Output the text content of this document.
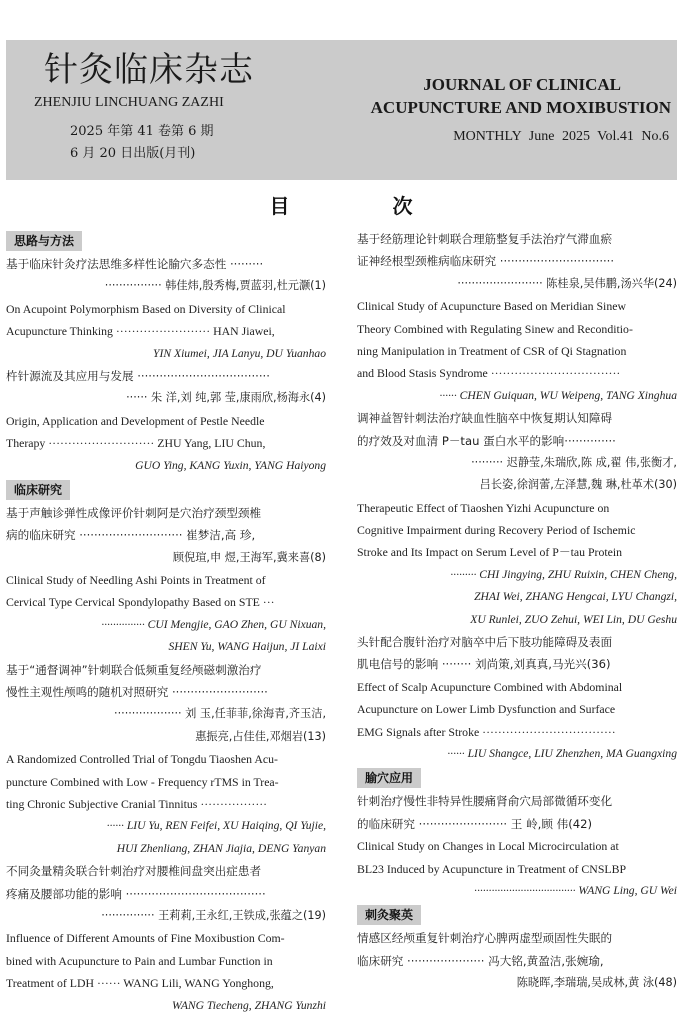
针灸临床杂志
ZHENJIU LINCHUANG ZAZHI
2025 年第 41 卷第 6 期
6 月 20 日出版(月刊)
JOURNAL OF CLINICAL
ACUPUNCTURE AND MOXIBUSTION
MONTHLY June 2025 Vol.41 No.6
目 次
思路与方法
基于临床针灸疗法思维多样性论腧穴多态性 ·········
················ 韩佳炜,殷秀梅,贾蓝羽,杜元灏(1)
On Acupoint Polymorphism Based on Diversity of Clinical
Acupuncture Thinking ························ HAN Jiawei,
YIN Xiumei, JIA Lanyu, DU Yuanhao
杵针源流及其应用与发展 ····································
······ 朱 洋,刘 纯,郭 莹,康雨欣,杨海永(4)
Origin, Application and Development of Pestle Needle
Therapy ··························· ZHU Yang, LIU Chun,
GUO Ying, KANG Yuxin, YANG Haiyong
临床研究
基于声触诊弹性成像评价针刺阿是穴治疗颈型颈椎
病的临床研究 ···························· 崔梦洁,高 珍,
顾倪瑄,申 煜,王海军,冀来喜(8)
Clinical Study of Needling Ashi Points in Treatment of
Cervical Type Cervical Spondylopathy Based on STE ···
··············· CUI Mengjie, GAO Zhen, GU Nixuan,
SHEN Yu, WANG Haijun, JI Laixi
基于“通督调神”针刺联合低频重复经颅磁刺激治疗
慢性主观性颅鸣的随机对照研究 ··························
··················· 刘 玉,任菲菲,徐海青,齐玉洁,
惠振亮,占佳佳,邓烟岩(13)
A Randomized Controlled Trial of Tongdu Tiaoshen Acu-
puncture Combined with Low - Frequency rTMS in Trea-
ting Chronic Subjective Cranial Tinnitus ·················
······ LIU Yu, REN Feifei, XU Haiqing, QI Yujie,
HUI Zhenliang, ZHAN Jiajia, DENG Yanyan
不同灸量精灸联合针刺治疗对腰椎间盘突出症患者
疼痛及腰部功能的影响 ······································
··············· 王莉莉,王永红,王铁成,张蕴之(19)
Influence of Different Amounts of Fine Moxibustion Com-
bined with Acupuncture to Pain and Lumbar Function in
Treatment of LDH ······ WANG Lili, WANG Yonghong,
WANG Tiecheng, ZHANG Yunzhi
基于经筋理论针刺联合理筋整复手法治疗气滞血瘀
证神经根型颈椎病临床研究 ·······························
························ 陈桂泉,吴伟鹏,汤兴华(24)
Clinical Study of Acupuncture Based on Meridian Sinew
Theory Combined with Regulating Sinew and Reconditio-
ning Manipulation in Treatment of CSR of Qi Stagnation
and Blood Stasis Syndrome ·································
······ CHEN Guiquan, WU Weipeng, TANG Xinghua
调神益智针刺法治疗缺血性脑卒中恢复期认知障碍
的疗效及对血清 P－tau 蛋白水平的影响··············
········· 迟静莹,朱瑞欣,陈 成,翟 伟,张衡才,
吕长姿,徐润蕾,左泽慧,魏 琳,杜革术(30)
Therapeutic Effect of Tiaoshen Yizhi Acupuncture on
Cognitive Impairment during Recovery Period of Ischemic
Stroke and Its Impact on Serum Level of P－tau Protein
········· CHI Jingying, ZHU Ruixin, CHEN Cheng,
ZHAI Wei, ZHANG Hengcai, LYU Changzi,
XU Runlei, ZUO Zehui, WEI Lin, DU Geshu
头针配合腹针治疗对脑卒中后下肢功能障碍及表面
肌电信号的影响 ········ 刘尚策,刘真真,马光兴(36)
Effect of Scalp Acupuncture Combined with Abdominal
Acupuncture on Lower Limb Dysfunction and Surface
EMG Signals after Stroke ··································
······ LIU Shangce, LIU Zhenzhen, MA Guangxing
腧穴应用
针刺治疗慢性非特异性腰痛肾俞穴局部微循环变化
的临床研究 ························ 王 岭,顾 伟(42)
Clinical Study on Changes in Local Microcirculation at
BL23 Induced by Acupuncture in Treatment of CNSLBP
··································· WANG Ling, GU Wei
刺灸聚英
情感区经颅重复针刺治疗心脾两虚型顽固性失眠的
临床研究 ····················· 冯大铭,黄盈洁,张婉瑜,
陈晓晖,李瑞瑞,吴成林,黄 泳(48)
